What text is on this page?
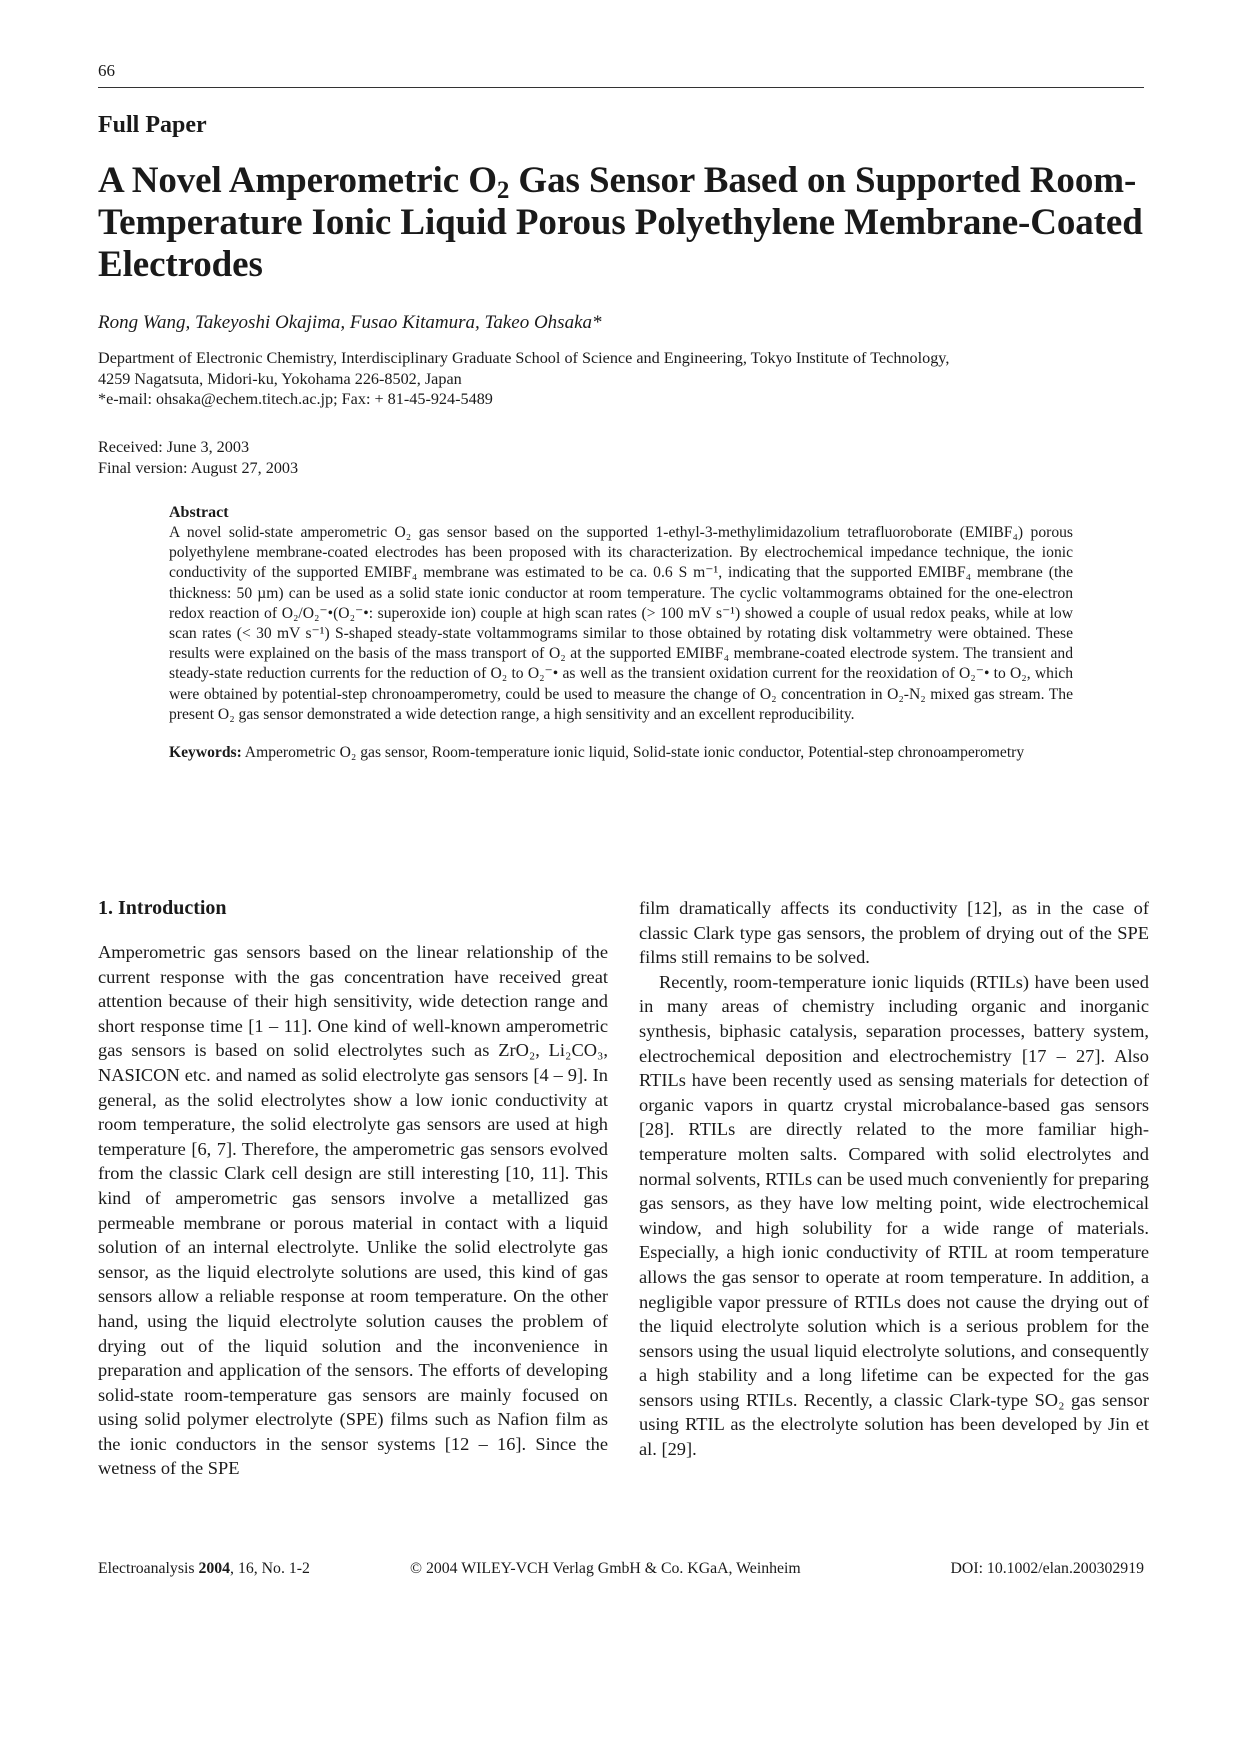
66
Full Paper
A Novel Amperometric $O_2$ Gas Sensor Based on Supported Room-Temperature Ionic Liquid Porous Polyethylene Membrane-Coated Electrodes
Rong Wang, Takeyoshi Okajima, Fusao Kitamura, Takeo Ohsaka*
Department of Electronic Chemistry, Interdisciplinary Graduate School of Science and Engineering, Tokyo Institute of Technology,
4259 Nagatsuta, Midori-ku, Yokohama 226-8502, Japan
*e-mail: ohsaka@echem.titech.ac.jp; Fax: + 81-45-924-5489
Received: June 3, 2003
Final version: August 27, 2003
Abstract

A novel solid-state amperometric O₂ gas sensor based on the supported 1-ethyl-3-methylimidazolium tetrafluoroborate (EMIBF₄) porous polyethylene membrane-coated electrodes has been proposed with its characterization. By electrochemical impedance technique, the ionic conductivity of the supported EMIBF₄ membrane was estimated to be ca. 0.6 S m⁻¹, indicating that the supported EMIBF₄ membrane (the thickness: 50 µm) can be used as a solid state ionic conductor at room temperature. The cyclic voltammograms obtained for the one-electron redox reaction of O₂/O₂⁻•(O₂⁻•: superoxide ion) couple at high scan rates (> 100 mV s⁻¹) showed a couple of usual redox peaks, while at low scan rates (< 30 mV s⁻¹) S-shaped steady-state voltammograms similar to those obtained by rotating disk voltammetry were obtained. These results were explained on the basis of the mass transport of O₂ at the supported EMIBF₄ membrane-coated electrode system. The transient and steady-state reduction currents for the reduction of O₂ to O₂⁻• as well as the transient oxidation current for the reoxidation of O₂⁻• to O₂, which were obtained by potential-step chronoamperometry, could be used to measure the change of O₂ concentration in O₂-N₂ mixed gas stream. The present O₂ gas sensor demonstrated a wide detection range, a high sensitivity and an excellent reproducibility.

Keywords: Amperometric O₂ gas sensor, Room-temperature ionic liquid, Solid-state ionic conductor, Potential-step chronoamperometry
1. Introduction

Amperometric gas sensors based on the linear relationship of the current response with the gas concentration have received great attention because of their high sensitivity, wide detection range and short response time [1 – 11]. One kind of well-known amperometric gas sensors is based on solid electrolytes such as ZrO₂, Li₂CO₃, NASICON etc. and named as solid electrolyte gas sensors [4 – 9]. In general, as the solid electrolytes show a low ionic conductivity at room temperature, the solid electrolyte gas sensors are used at high temperature [6, 7]. Therefore, the amperometric gas sensors evolved from the classic Clark cell design are still interesting [10, 11]. This kind of amperometric gas sensors involve a metallized gas permeable membrane or porous material in contact with a liquid solution of an internal electrolyte. Unlike the solid electrolyte gas sensor, as the liquid electrolyte solutions are used, this kind of gas sensors allow a reliable response at room temperature. On the other hand, using the liquid electrolyte solution causes the problem of drying out of the liquid solution and the inconvenience in preparation and application of the sensors. The efforts of developing solid-state room-temperature gas sensors are mainly focused on using solid polymer electrolyte (SPE) films such as Nafion film as the ionic conductors in the sensor systems [12 – 16]. Since the wetness of the SPE

film dramatically affects its conductivity [12], as in the case of classic Clark type gas sensors, the problem of drying out of the SPE films still remains to be solved.

Recently, room-temperature ionic liquids (RTILs) have been used in many areas of chemistry including organic and inorganic synthesis, biphasic catalysis, separation processes, battery system, electrochemical deposition and electrochemistry [17 – 27]. Also RTILs have been recently used as sensing materials for detection of organic vapors in quartz crystal microbalance-based gas sensors [28]. RTILs are directly related to the more familiar high-temperature molten salts. Compared with solid electrolytes and normal solvents, RTILs can be used much conveniently for preparing gas sensors, as they have low melting point, wide electrochemical window, and high solubility for a wide range of materials. Especially, a high ionic conductivity of RTIL at room temperature allows the gas sensor to operate at room temperature. In addition, a negligible vapor pressure of RTILs does not cause the drying out of the liquid electrolyte solution which is a serious problem for the sensors using the usual liquid electrolyte solutions, and consequently a high stability and a long lifetime can be expected for the gas sensors using RTILs. Recently, a classic Clark-type SO₂ gas sensor using RTIL as the electrolyte solution has been developed by Jin et al. [29].

Electroanalysis 2004, 16, No. 1-2	© 2004 WILEY-VCH Verlag GmbH & Co. KGaA, Weinheim	DOI: 10.1002/elan.200302919
